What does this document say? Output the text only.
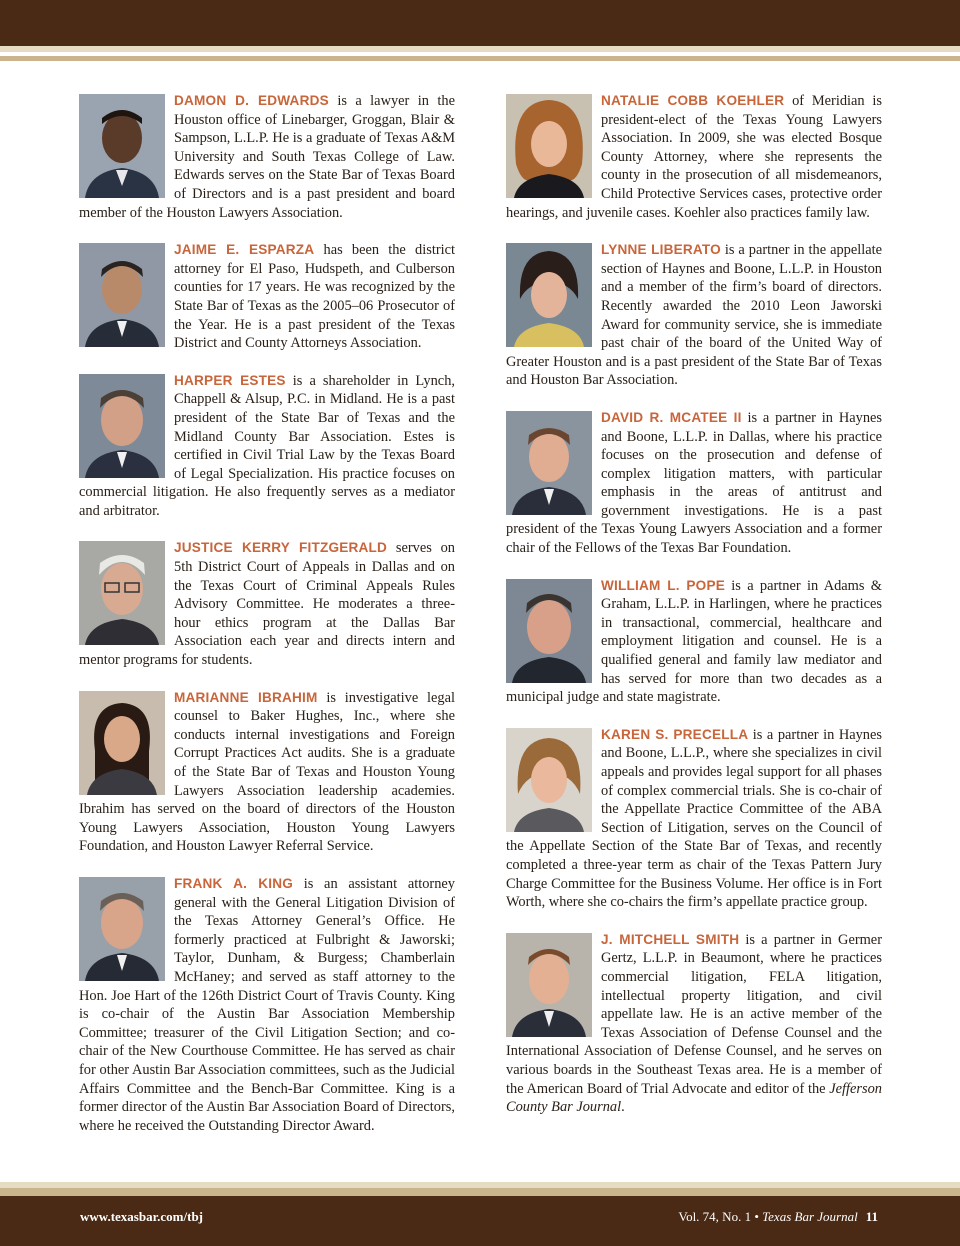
DAMON D. EDWARDS is a lawyer in the Houston office of Linebarger, Groggan, Blair & Sampson, L.L.P. He is a graduate of Texas A&M University and South Texas College of Law. Edwards serves on the State Bar of Texas Board of Directors and is a past president and board member of the Houston Lawyers Association.
JAIME E. ESPARZA has been the district attorney for El Paso, Hudspeth, and Culberson counties for 17 years. He was recognized by the State Bar of Texas as the 2005–06 Prosecutor of the Year. He is a past president of the Texas District and County Attorneys Association.
HARPER ESTES is a shareholder in Lynch, Chappell & Alsup, P.C. in Midland. He is a past president of the State Bar of Texas and the Midland County Bar Association. Estes is certified in Civil Trial Law by the Texas Board of Legal Specialization. His practice focuses on commercial litigation. He also frequently serves as a mediator and arbitrator.
JUSTICE KERRY FITZGERALD serves on 5th District Court of Appeals in Dallas and on the Texas Court of Criminal Appeals Rules Advisory Committee. He moderates a three-hour ethics program at the Dallas Bar Association each year and directs intern and mentor programs for students.
MARIANNE IBRAHIM is investigative legal counsel to Baker Hughes, Inc., where she conducts internal investigations and Foreign Corrupt Practices Act audits. She is a graduate of the State Bar of Texas and Houston Young Lawyers Association leadership academies. Ibrahim has served on the board of directors of the Houston Young Lawyers Association, Houston Young Lawyers Foundation, and Houston Lawyer Referral Service.
FRANK A. KING is an assistant attorney general with the General Litigation Division of the Texas Attorney General’s Office. He formerly practiced at Fulbright & Jaworski; Taylor, Dunham, & Burgess; Chamberlain McHaney; and served as staff attorney to the Hon. Joe Hart of the 126th District Court of Travis County. King is co-chair of the Austin Bar Association Membership Committee; treasurer of the Civil Litigation Section; and co-chair of the New Courthouse Committee. He has served as chair for other Austin Bar Association committees, such as the Judicial Affairs Committee and the Bench-Bar Committee. King is a former director of the Austin Bar Association Board of Directors, where he received the Outstanding Director Award.
NATALIE COBB KOEHLER of Meridian is president-elect of the Texas Young Lawyers Association. In 2009, she was elected Bosque County Attorney, where she represents the county in the prosecution of all misdemeanors, Child Protective Services cases, protective order hearings, and juvenile cases. Koehler also practices family law.
LYNNE LIBERATO is a partner in the appellate section of Haynes and Boone, L.L.P. in Houston and a member of the firm’s board of directors. Recently awarded the 2010 Leon Jaworski Award for community service, she is immediate past chair of the board of the United Way of Greater Houston and is a past president of the State Bar of Texas and Houston Bar Association.
DAVID R. MCATEE II is a partner in Haynes and Boone, L.L.P. in Dallas, where his practice focuses on the prosecution and defense of complex litigation matters, with particular emphasis in the areas of antitrust and government investigations. He is a past president of the Texas Young Lawyers Association and a former chair of the Fellows of the Texas Bar Foundation.
WILLIAM L. POPE is a partner in Adams & Graham, L.L.P. in Harlingen, where he practices in transactional, commercial, healthcare and employment litigation and counsel. He is a qualified general and family law mediator and has served for more than two decades as a municipal judge and state magistrate.
KAREN S. PRECELLA is a partner in Haynes and Boone, L.L.P., where she specializes in civil appeals and provides legal support for all phases of complex commercial trials. She is co-chair of the Appellate Practice Committee of the ABA Section of Litigation, serves on the Council of the Appellate Section of the State Bar of Texas, and recently completed a three-year term as chair of the Texas Pattern Jury Charge Committee for the Business Volume. Her office is in Fort Worth, where she co-chairs the firm’s appellate practice group.
J. MITCHELL SMITH is a partner in Germer Gertz, L.L.P. in Beaumont, where he practices commercial litigation, FELA litigation, intellectual property litigation, and civil appellate law. He is an active member of the Texas Association of Defense Counsel and the International Association of Defense Counsel, and he serves on various boards in the Southeast Texas area. He is a member of the American Board of Trial Advocate and editor of the Jefferson County Bar Journal.
www.texasbar.com/tbj	Vol. 74, No. 1 • Texas Bar Journal 11
